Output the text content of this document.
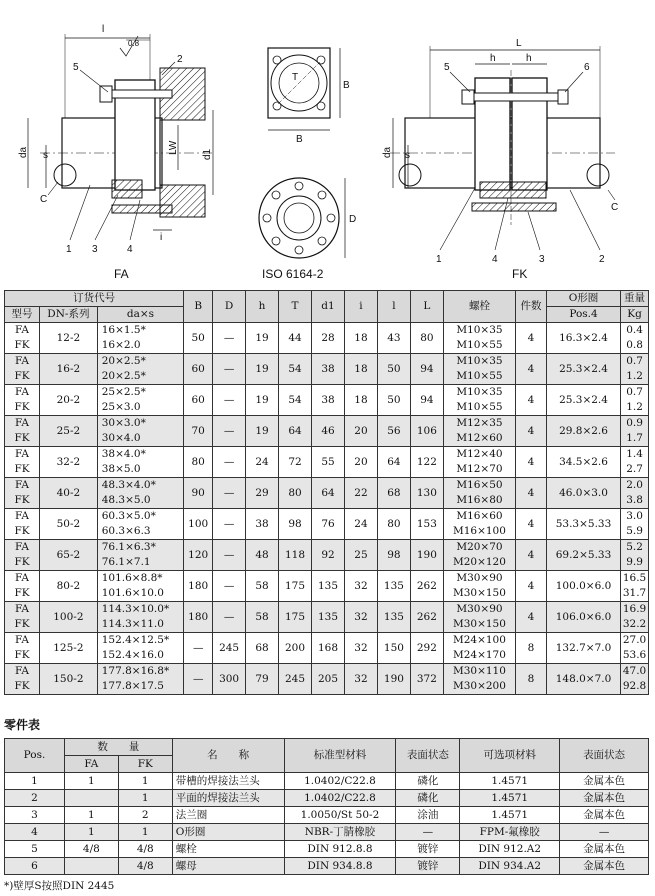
l
0.8
5
2
da s
LW d1
C
1 3	4
i
FA
T
B
B
D
ISO 6164-2
L
h	h
5	6
da s
C
1	4	3	2
FK
订货代号			B	D	h	T	d1	i	l	L	螺栓	件数	O形圈	重量
型号	DN-系列	da×s											Pos.4	Kg

FA
FK	12-2	16×1.5*
16×2.0	50	—	19	44	28	18	43	80	M10×35
M10×55	4	16.3×2.4	0.4
0.8

FA
FK	16-2	20×2.5*
20×2.5*	60	—	19	54	38	18	50	94	M10×35
M10×55	4	25.3×2.4	0.7
1.2

FA
FK	20-2	25×2.5*
25×3.0	60	—	19	54	38	18	50	94	M10×35
M10×55	4	25.3×2.4	0.7
1.2

FA
FK	25-2	30×3.0*
30×4.0	70	—	19	64	46	20	56	106	M12×35
M12×60	4	29.8×2.6	0.9
1.7

FA
FK	32-2	38×4.0*
38×5.0	80	—	24	72	55	20	64	122	M12×40
M12×70	4	34.5×2.6	1.4
2.7

FA
FK	40-2	48.3×4.0*
48.3×5.0	90	—	29	80	64	22	68	130	M16×50
M16×80	4	46.0×3.0	2.0
3.8

FA
FK	50-2	60.3×5.0*
60.3×6.3	100	—	38	98	76	24	80	153	M16×60
M16×100	4	53.3×5.33	3.0
5.9

FA
FK	65-2	76.1×6.3*
76.1×7.1	120	—	48	118	92	25	98	190	M20×70
M20×120	4	69.2×5.33	5.2
9.9

FA
FK	80-2	101.6×8.8*
101.6×10.0	180	—	58	175	135	32	135	262	M30×90
M30×150	4	100.0×6.0	16.5
31.7

FA
FK	100-2	114.3×10.0*
114.3×11.0	180	—	58	175	135	32	135	262	M30×90
M30×150	4	106.0×6.0	16.9
32.2

FA
FK	125-2	152.4×12.5*
152.4×16.0	—	245	68	200	168	32	150	292	M24×100
M24×170	8	132.7×7.0	27.0
53.6

FA
FK	150-2	177.8×16.8*
177.8×17.5	—	300	79	245	205	32	190	372	M30×110
M30×200	8	148.0×7.0	47.0
92.8
零件表
Pos.	数　　量		名　　称	标准型材料	表面状态	可选项材料	表面状态
	FA	FK					
1	1	1	带槽的焊接法兰头	1.0402/C22.8	磷化	1.4571	金属本色
2		1	平面的焊接法兰头	1.0402/C22.8	磷化	1.4571	金属本色
3	1	2	法兰圈	1.0050/St 50-2	涂油	1.4571	金属本色
4	1	1	O形圈	NBR-丁腈橡胶	—	FPM-氟橡胶	—
5	4/8	4/8	螺栓	DIN 912.8.8	镀锌	DIN 912.A2	金属本色
6		4/8	螺母	DIN 934.8.8	镀锌	DIN 934.A2	金属本色
*)壁厚S按照DIN 2445
